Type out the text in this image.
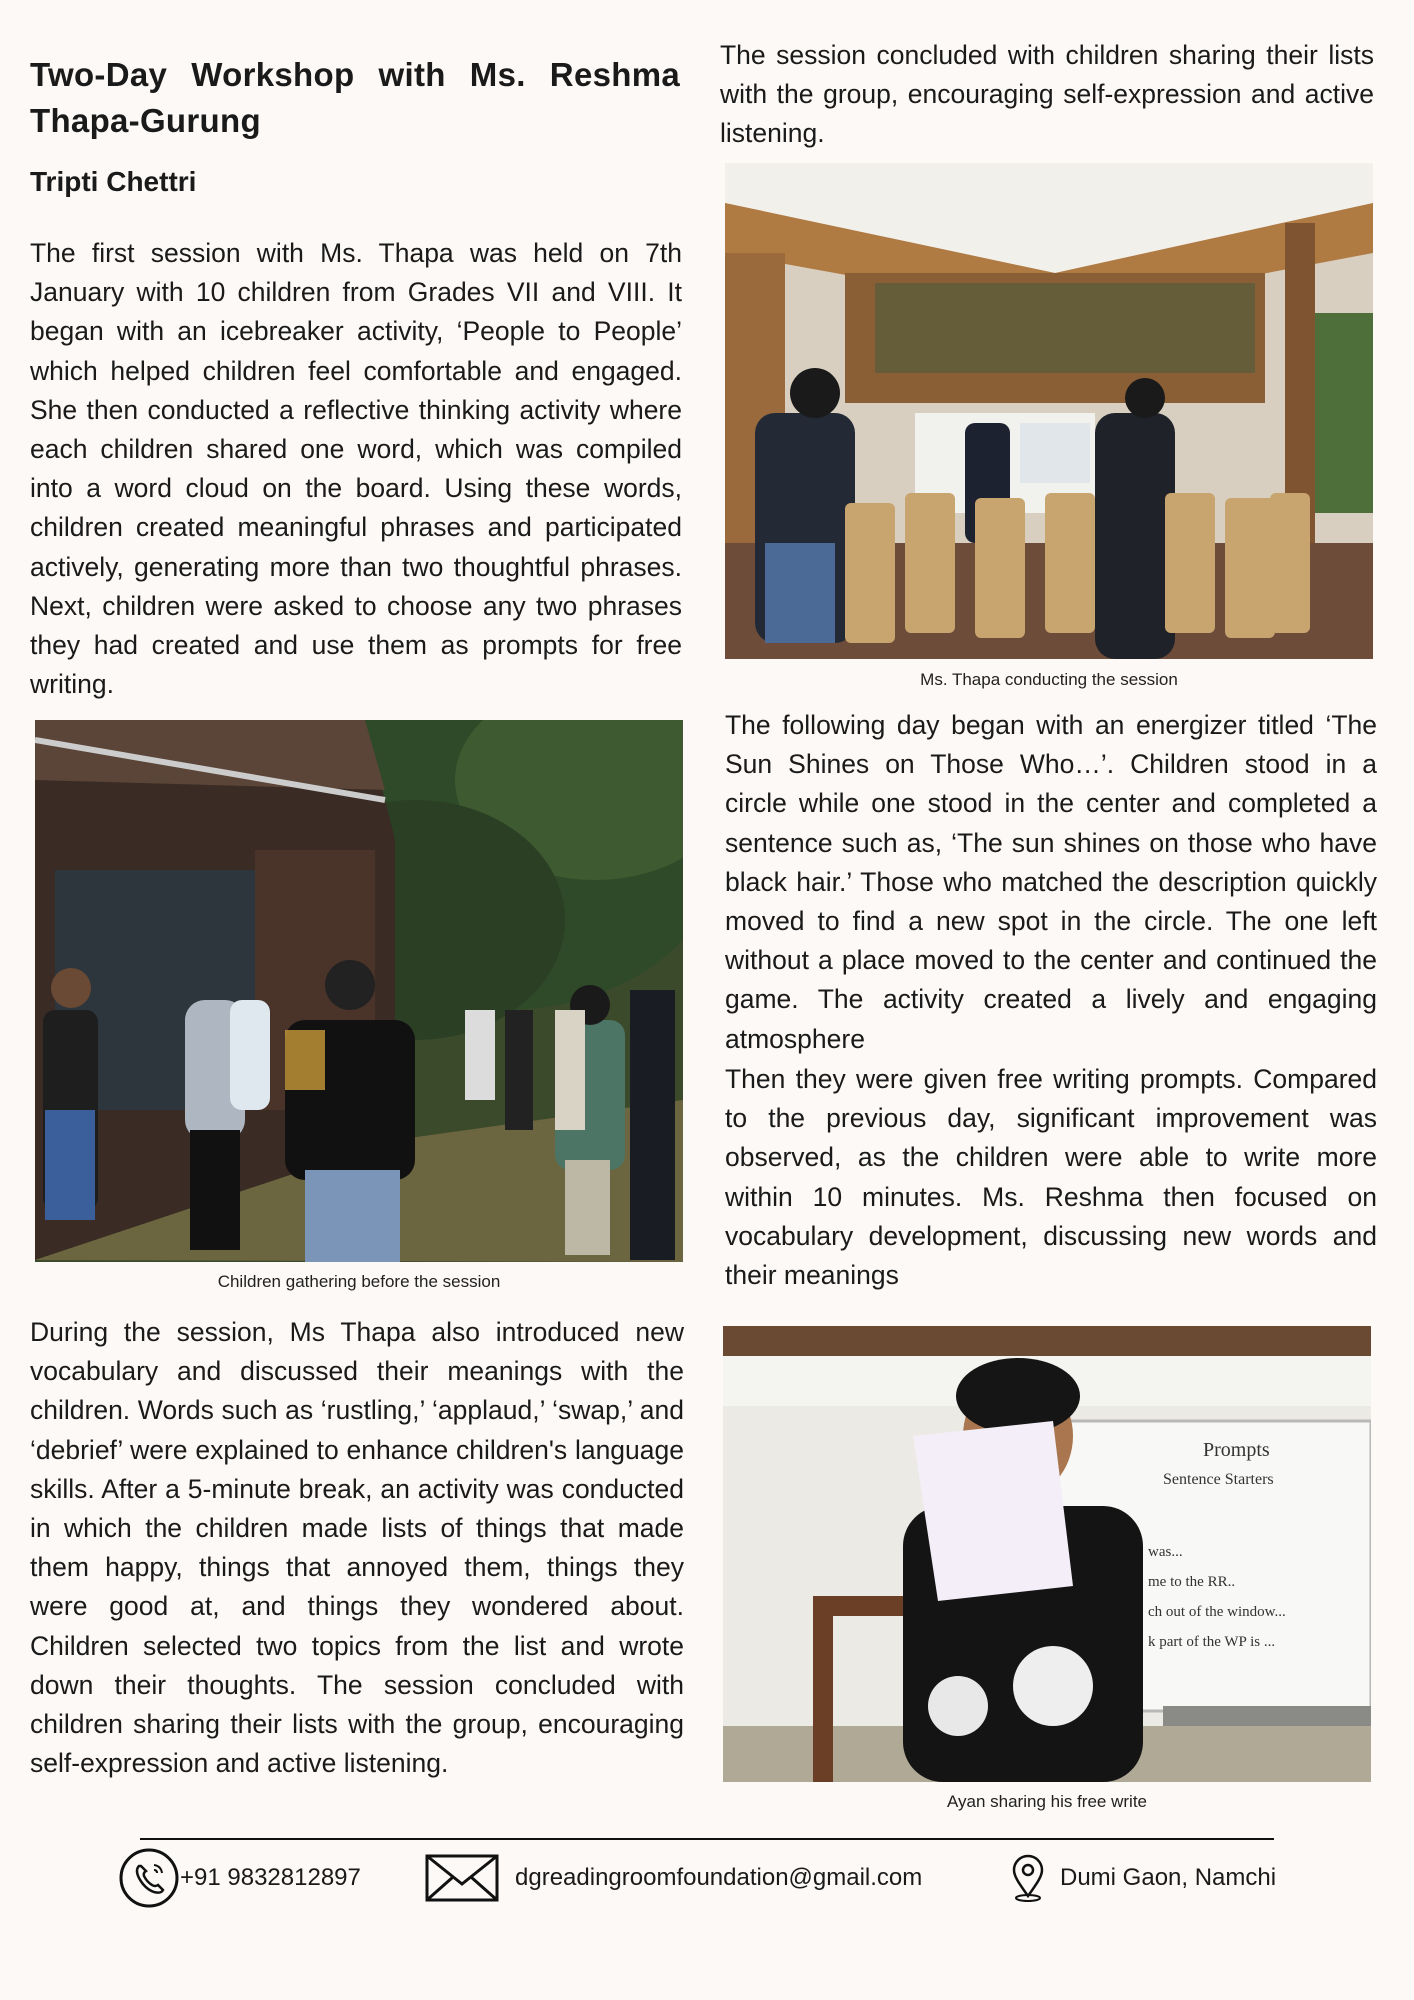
Two-Day Workshop with Ms. Reshma
Thapa-Gurung

Tripti Chettri

The first session with Ms. Thapa was held on 7th January with 10 children from Grades VII and VIII. It began with an icebreaker activity, ‘People to People’ which helped children feel comfortable and engaged. She then conducted a reflective thinking activity where each children shared one word, which was compiled into a word cloud on the board. Using these words, children created meaningful phrases and participated actively, generating more than two thoughtful phrases. Next, children were asked to choose any two phrases they had created and use them as prompts for free writing.

Children gathering before the session

During the session, Ms Thapa also introduced new vocabulary and discussed their meanings with the children. Words such as ‘rustling,’ ‘applaud,’ ‘swap,’ and ‘debrief’ were explained to enhance children's language skills. After a 5-minute break, an activity was conducted in which the children made lists of things that made them happy, things that annoyed them, things they were good at, and things they wondered about. Children selected two topics from the list and wrote down their thoughts. The session concluded with children sharing their lists with the group, encouraging self-expression and active listening.

The session concluded with children sharing their lists with the group, encouraging self-expression and active listening.

Ms. Thapa conducting the session

The following day began with an energizer titled ‘The Sun Shines on Those Who…’. Children stood in a circle while one stood in the center and completed a sentence such as, ‘The sun shines on those who have black hair.’ Those who matched the description quickly moved to find a new spot in the circle. The one left without a place moved to the center and continued the game. The activity created a lively and engaging atmosphere

Then they were given free writing prompts. Compared to the previous day, significant improvement was observed, as the children were able to write more within 10 minutes. Ms. Reshma then focused on vocabulary development, discussing new words and their meanings

Prompts
Sentence Starters
was...
me to the RR..
ch out of the window...
k part of the WP is ...
Ayan sharing his free write
+91 9832812897	dgreadingroomfoundation@gmail.com	Dumi Gaon, Namchi
